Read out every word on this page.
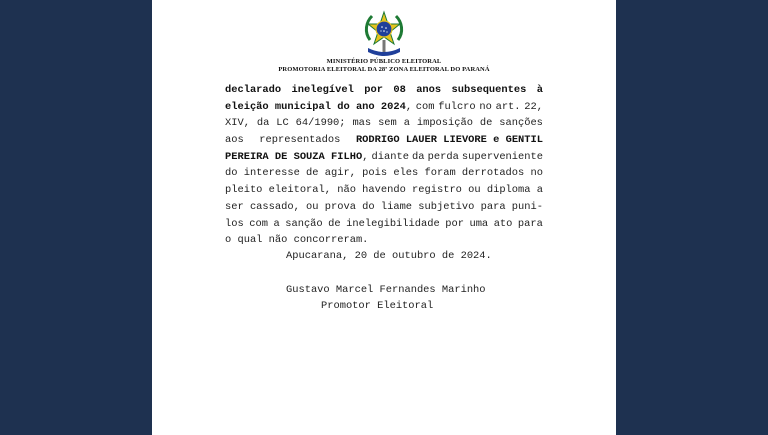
MINISTÉRIO PÚBLICO ELEITORAL
PROMOTORIA ELEITORAL DA 28ª ZONA ELEITORAL DO PARANÁ
declarado inelegível por 08 anos subsequentes à
eleição municipal do ano 2024, com fulcro no art. 22,
XIV, da LC 64/1990; mas sem a imposição de sanções
aos representados RODRIGO LAUER LIEVORE e GENTIL
PEREIRA DE SOUZA FILHO, diante da perda superveniente
do interesse de agir, pois eles foram derrotados no
pleito eleitoral, não havendo registro ou diploma a
ser cassado, ou prova do liame subjetivo para puni-
los com a sanção de inelegibilidade por uma ato para
o qual não concorreram.
Apucarana, 20 de outubro de 2024.
Gustavo Marcel Fernandes Marinho
Promotor Eleitoral
